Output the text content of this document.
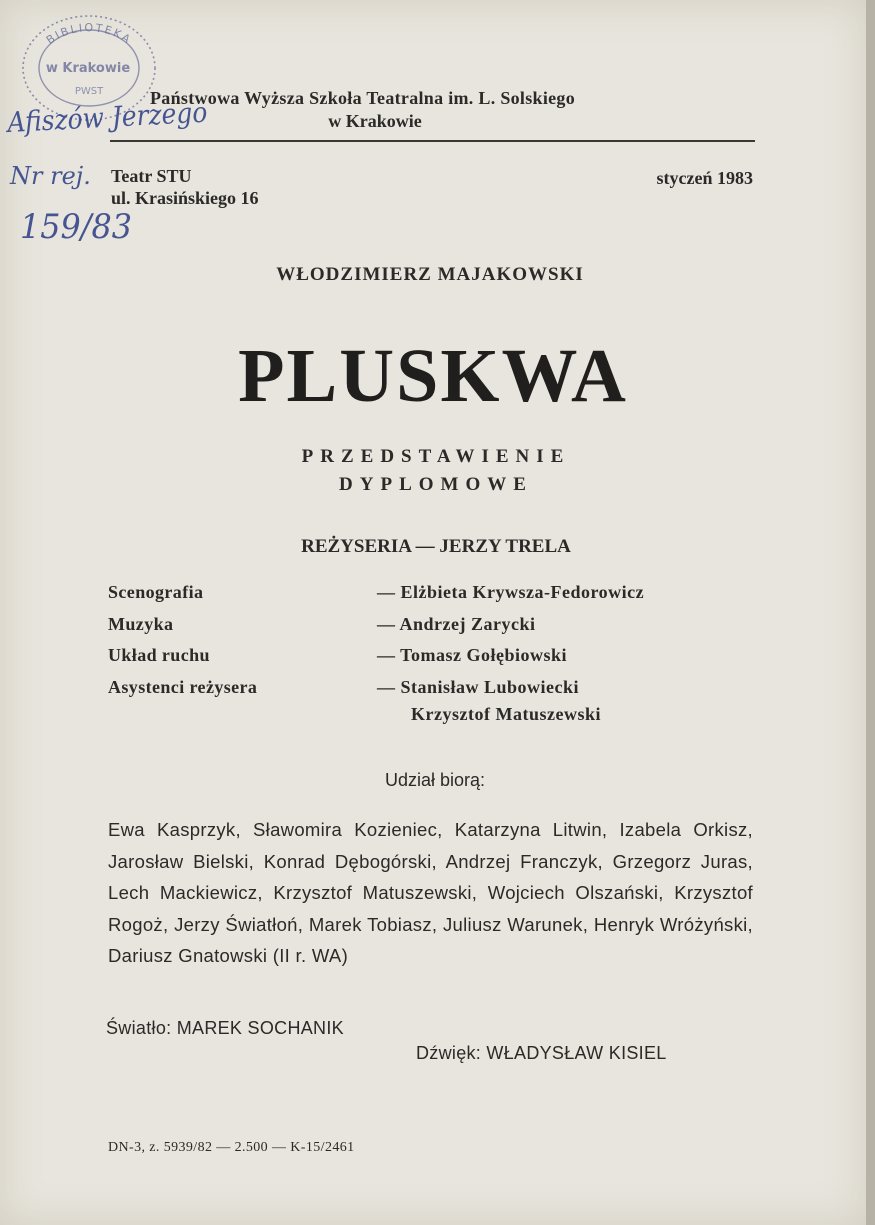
BIBLIOTEKA
w Krakowie
PWST
Afiszów Jerzego
Nr rej.
159/83
Państwowa Wyższa Szkoła Teatralna im. L. Solskiego
w Krakowie
Teatr STU
ul. Krasińskiego 16
styczeń 1983
WŁODZIMIERZ MAJAKOWSKI
PLUSKWA
PRZEDSTAWIENIE
DYPLOMOWE
REŻYSERIA — JERZY TRELA
Scenografia	— Elżbieta Krywsza-Fedorowicz
Muzyka	— Andrzej Zarycki
Układ ruchu	— Tomasz Gołębiowski
Asystenci reżysera	— Stanisław Lubowiecki
Krzysztof Matuszewski
Udział biorą:
Ewa Kasprzyk, Sławomira Kozieniec, Katarzyna Litwin, Izabela Orkisz, Jarosław Bielski, Konrad Dębogórski, Andrzej Franczyk, Grzegorz Juras, Lech Mackiewicz, Krzysztof Matuszewski, Wojciech Olszański, Krzysztof Rogoż, Jerzy Światłoń, Marek Tobiasz, Juliusz Warunek, Henryk Wróżyński, Dariusz Gnatowski (II r. WA)
Światło: MAREK SOCHANIK
Dźwięk: WŁADYSŁAW KISIEL
DN-3, z. 5939/82 — 2.500 — K-15/2461
